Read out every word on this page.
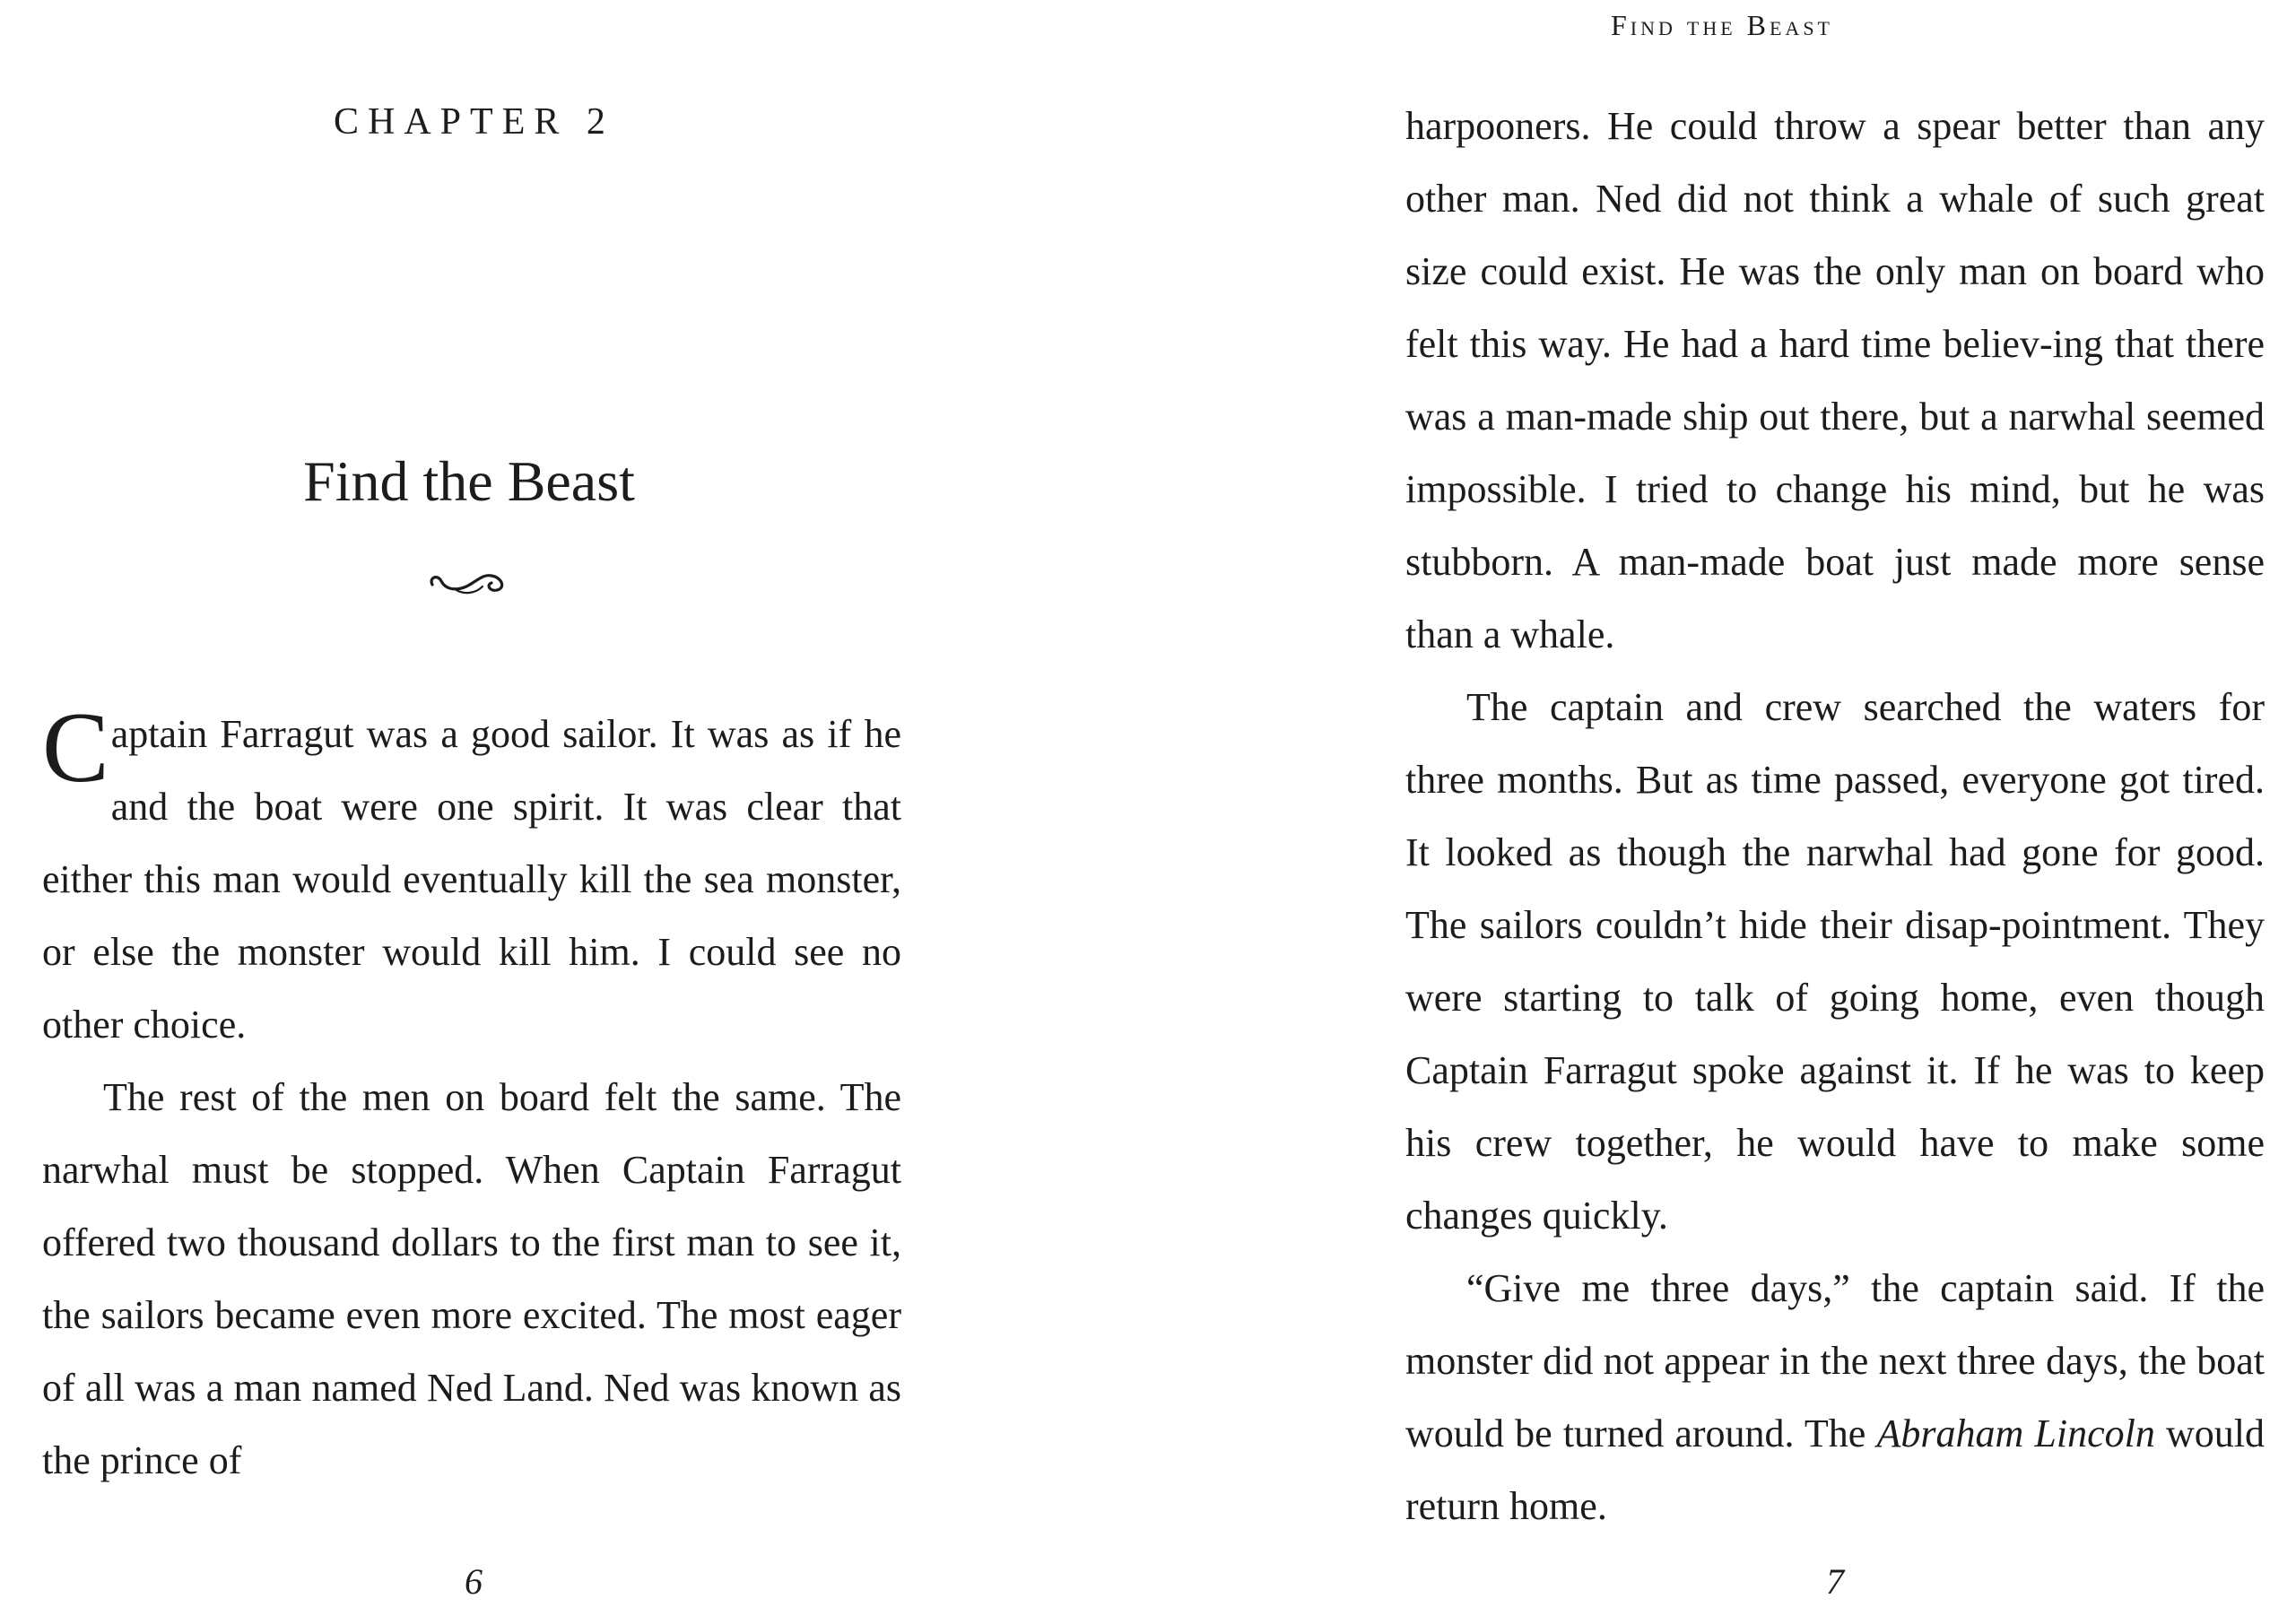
CHAPTER 2
Find the Beast

Captain Farragut was a good sailor. It was as if he and the boat were one spirit. It was clear that either this man would eventually kill the sea monster, or else the monster would kill him. I could see no other choice.

The rest of the men on board felt the same. The narwhal must be stopped. When Captain Farragut offered two thousand dollars to the first man to see it, the sailors became even more excited. The most eager of all was a man named Ned Land. Ned was known as the prince of

6
Find the Beast

harpooners. He could throw a spear better than any other man. Ned did not think a whale of such great size could exist. He was the only man on board who felt this way. He had a hard time believ-ing that there was a man-made ship out there, but a narwhal seemed impossible. I tried to change his mind, but he was stubborn. A man-made boat just made more sense than a whale.

The captain and crew searched the waters for three months. But as time passed, everyone got tired. It looked as though the narwhal had gone for good. The sailors couldn’t hide their disap-pointment. They were starting to talk of going home, even though Captain Farragut spoke against it. If he was to keep his crew together, he would have to make some changes quickly.

“Give me three days,” the captain said. If the monster did not appear in the next three days, the boat would be turned around. The Abraham Lincoln would return home.

7
